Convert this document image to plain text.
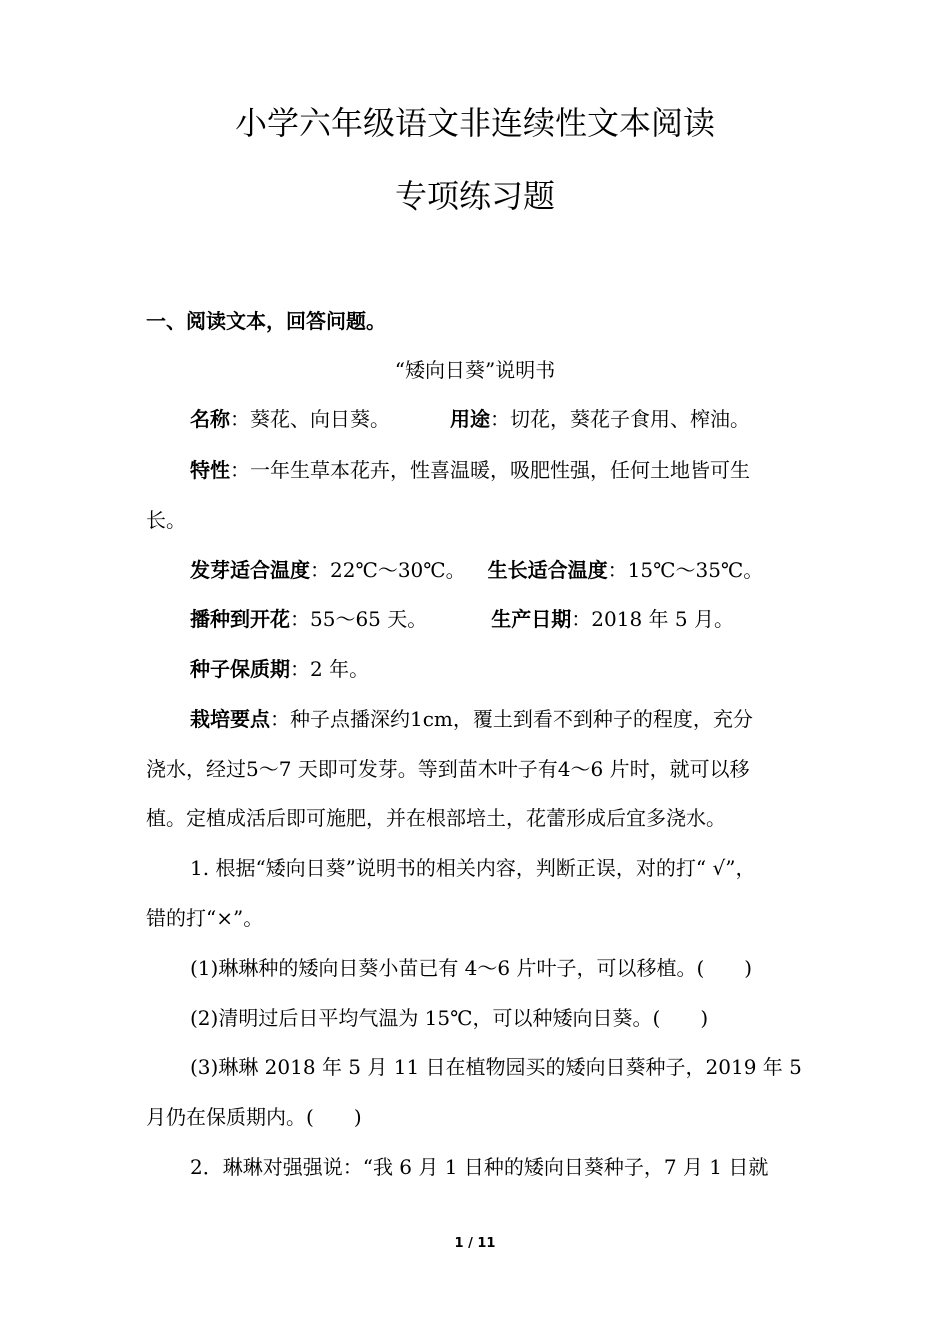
小学六年级语文非连续性文本阅读
专项练习题
一、阅读文本，回答问题。
“矮向日葵”说明书
名称：葵花、向日葵。	用途：切花，葵花子食用、榨油。
特性：一年生草本花卉，性喜温暖，吸肥性强，任何土地皆可生
长。
发芽适合温度：22℃～30℃。 生长适合温度：15℃～35℃。
播种到开花：55～65 天。	生产日期：2018 年 5 月。
种子保质期：2 年。
栽培要点：种子点播深约1cm，覆土到看不到种子的程度，充分
浇水，经过5～7 天即可发芽。等到苗木叶子有4～6 片时，就可以移
植。定植成活后即可施肥，并在根部培土，花蕾形成后宜多浇水。
1. 根据“矮向日葵”说明书的相关内容，判断正误，对的打“ √”，
错的打“×”。
(1)琳琳种的矮向日葵小苗已有 4～6 片叶子，可以移植。( )
(2)清明过后日平均气温为 15℃，可以种矮向日葵。( )
(3)琳琳 2018 年 5 月 11 日在植物园买的矮向日葵种子，2019 年 5
月仍在保质期内。( )
2．琳琳对强强说：“我 6 月 1 日种的矮向日葵种子，7 月 1 日就
1 / 11
